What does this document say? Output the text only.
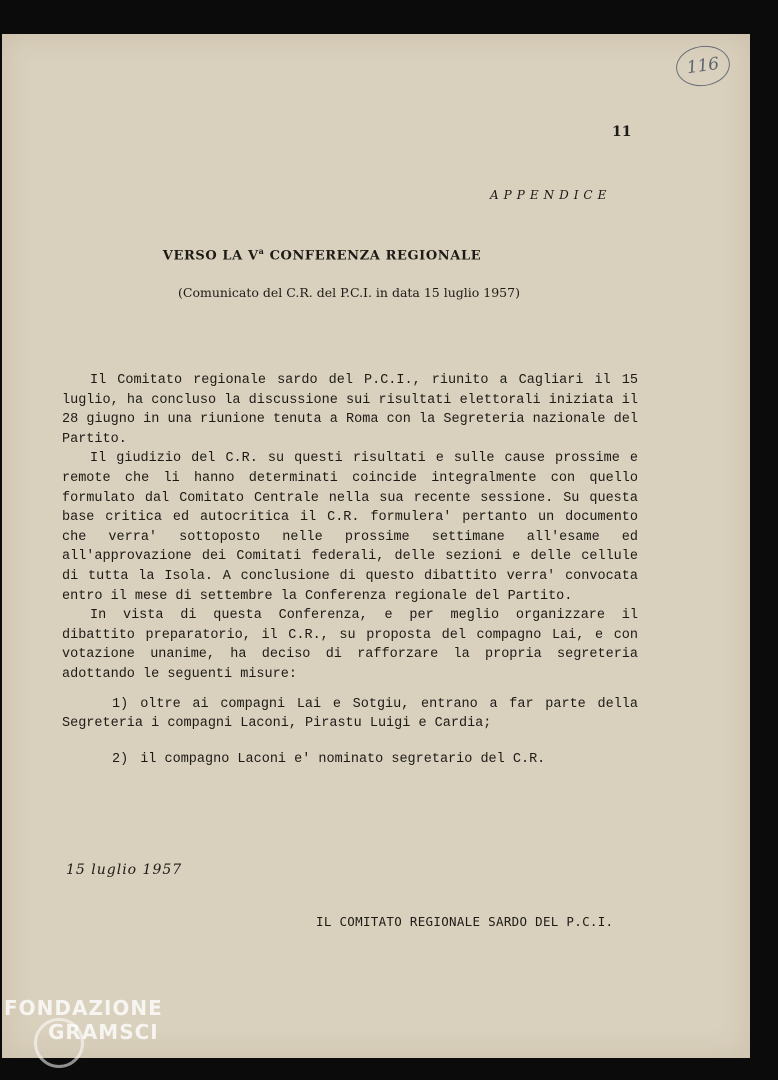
116
11
APPENDICE
VERSO LA $V^a$ CONFERENZA REGIONALE
(Comunicato del C.R. del P.C.I. in data 15 luglio 1957)

Il Comitato regionale sardo del P.C.I., riunito a Cagliari il 15 luglio, ha concluso la discussione sui risultati elettorali iniziata il 28 giugno in una riunione tenuta a Roma con la Segreteria nazionale del Partito.

Il giudizio del C.R. su questi risultati e sulle cause prossime e remote che li hanno determinati coincide integralmente con quello formulato dal Comitato Centrale nella sua recente sessione. Su questa base critica ed autocritica il C.R. formulera' pertanto un documento che verra' sottoposto nelle prossime settimane all'esame ed all'approvazione dei Comitati federali, delle sezioni e delle cellule di tutta la Isola. A conclusione di questo dibattito verra' convocata entro il mese di settembre la Conferenza regionale del Partito.

In vista di questa Conferenza, e per meglio organizzare il dibattito preparatorio, il C.R., su proposta del compagno Lai, e con votazione unanime, ha deciso di rafforzare la propria segreteria adottando le seguenti misure:

1) oltre ai compagni Lai e Sotgiu, entrano a far parte della Segreteria i compagni Laconi, Pirastu Luigi e Cardia;

2) il compagno Laconi e' nominato segretario del C.R.

15 luglio 1957
IL COMITATO REGIONALE SARDO DEL P.C.I.
FONDAZIONE
GRAMSCI
